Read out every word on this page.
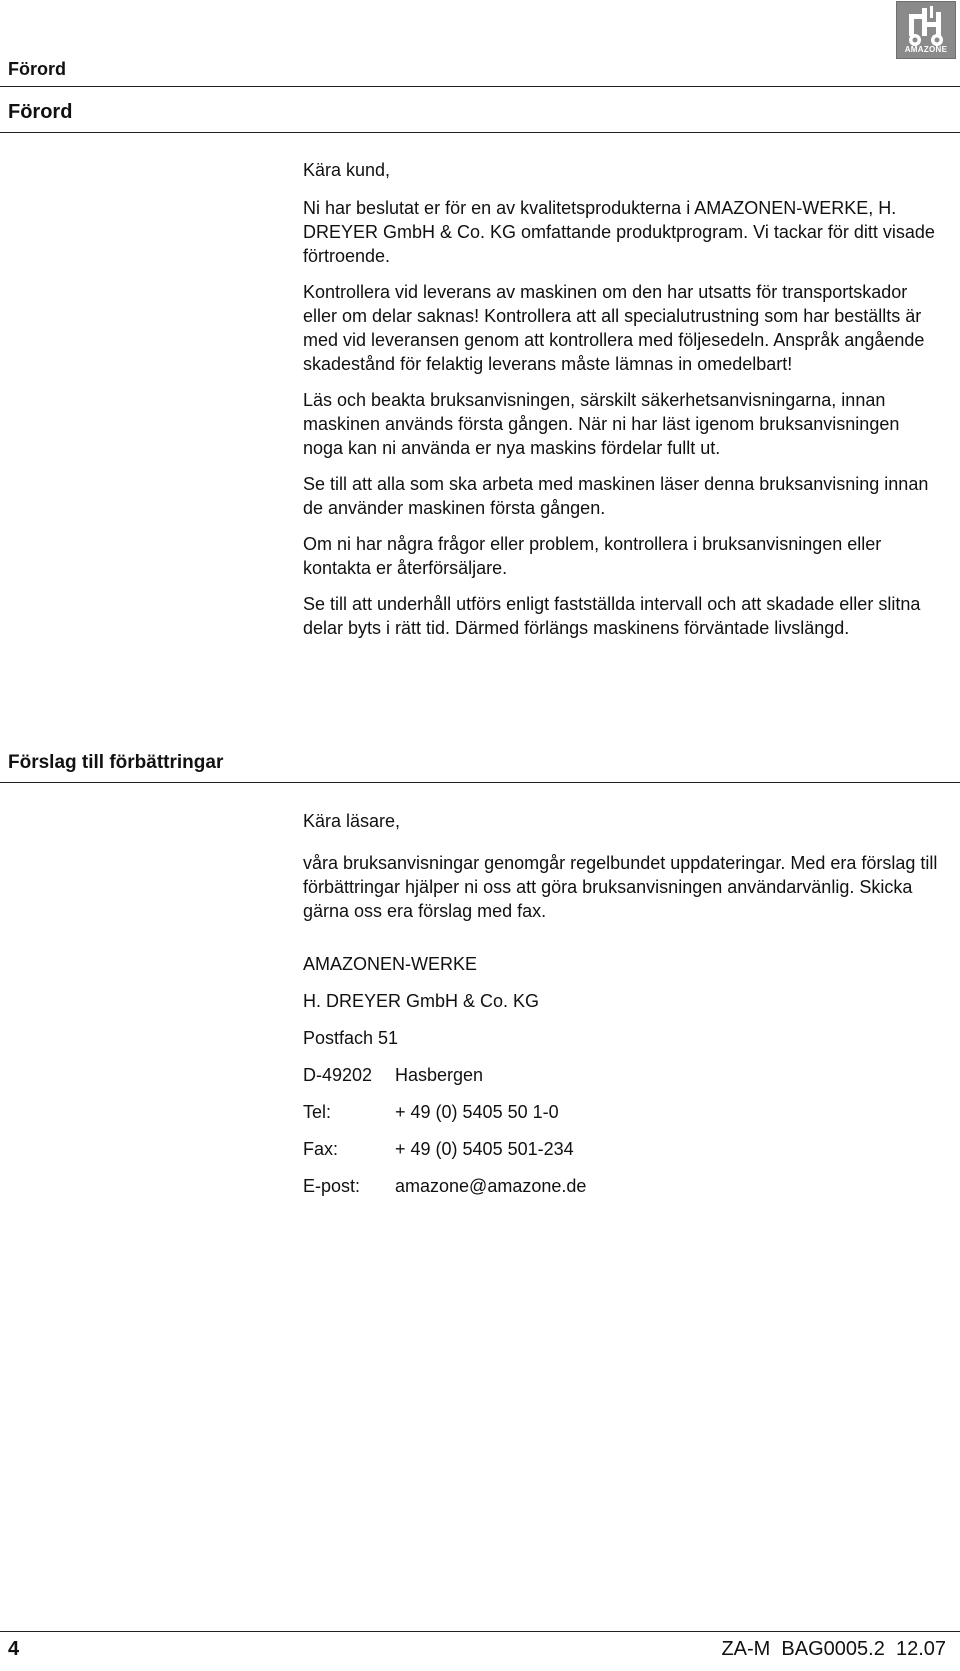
Förord
AMAZONE
Förord

Kära kund,

Ni har beslutat er för en av kvalitetsprodukterna i AMAZONEN-WERKE, H. DREYER GmbH & Co. KG omfattande produktprogram. Vi tackar för ditt visade förtroende.

Kontrollera vid leverans av maskinen om den har utsatts för transportskador eller om delar saknas! Kontrollera att all specialutrustning som har beställts är med vid leveransen genom att kontrollera med följesedeln. Anspråk angående skadestånd för felaktig leverans måste lämnas in omedelbart!

Läs och beakta bruksanvisningen, särskilt säkerhetsanvisningarna, innan maskinen används första gången. När ni har läst igenom bruksanvisningen noga kan ni använda er nya maskins fördelar fullt ut.

Se till att alla som ska arbeta med maskinen läser denna bruksanvisning innan de använder maskinen första gången.

Om ni har några frågor eller problem, kontrollera i bruksanvisningen eller kontakta er återförsäljare.

Se till att underhåll utförs enligt fastställda intervall och att skadade eller slitna delar byts i rätt tid. Därmed förlängs maskinens förväntade livslängd.

Förslag till förbättringar

Kära läsare,

våra bruksanvisningar genomgår regelbundet uppdateringar. Med era förslag till förbättringar hjälper ni oss att göra bruksanvisningen användarvänlig. Skicka gärna oss era förslag med fax.

AMAZONEN-WERKE
H. DREYER GmbH & Co. KG
Postfach 51
D-49202 Hasbergen
Tel:	+ 49 (0) 5405 50 1-0
Fax:	+ 49 (0) 5405 501-234
E-post: amazone@amazone.de
4	ZA-M  BAG0005.2  12.07
